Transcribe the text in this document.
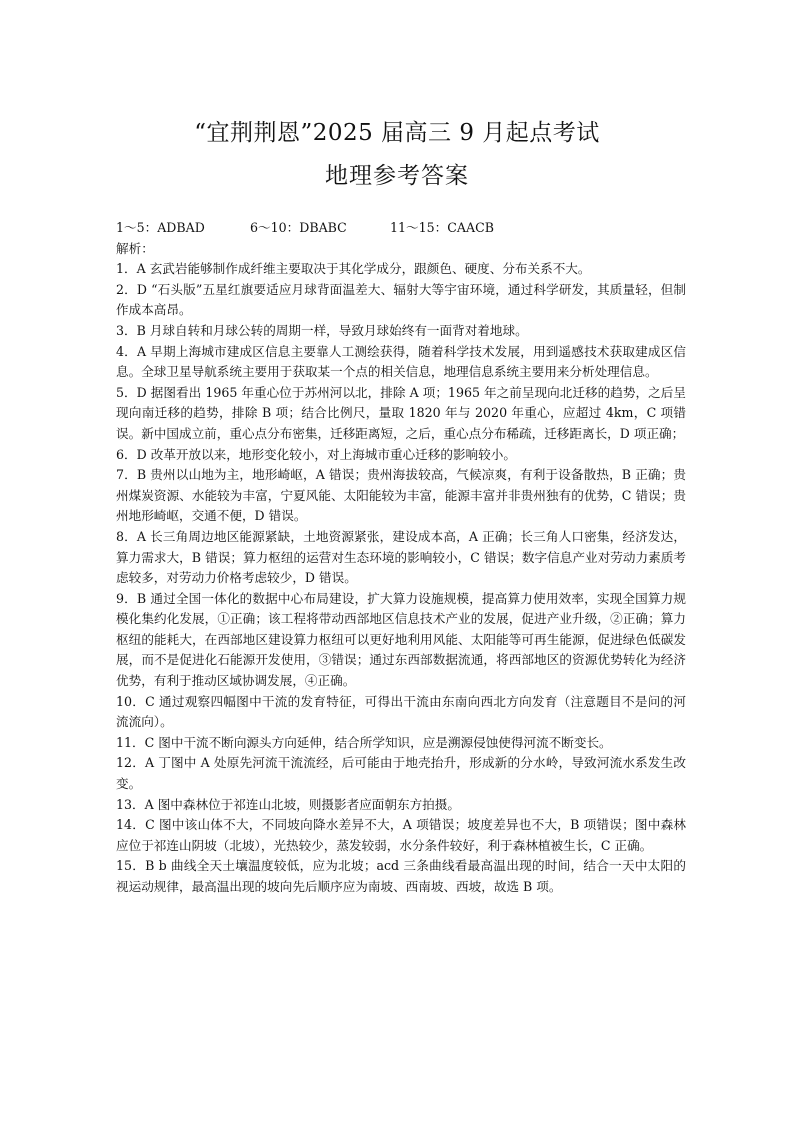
“宜荆荆恩”2025 届高三 9 月起点考试
地理参考答案
1～5：ADBAD	6～10：DBABC	11～15：CAACB
解析：
1．A 玄武岩能够制作成纤维主要取决于其化学成分，跟颜色、硬度、分布关系不大。
2．D “石头版”五星红旗要适应月球背面温差大、辐射大等宇宙环境，通过科学研发，其质量轻，但制作成本高昂。
3．B 月球自转和月球公转的周期一样，导致月球始终有一面背对着地球。
4．A 早期上海城市建成区信息主要靠人工测绘获得，随着科学技术发展，用到遥感技术获取建成区信息。全球卫星导航系统主要用于获取某一个点的相关信息，地理信息系统主要用来分析处理信息。
5．D 据图看出 1965 年重心位于苏州河以北，排除 A 项；1965 年之前呈现向北迁移的趋势，之后呈现向南迁移的趋势，排除 B 项；结合比例尺，量取 1820 年与 2020 年重心，应超过 4km，C 项错误。新中国成立前，重心点分布密集，迁移距离短，之后，重心点分布稀疏，迁移距离长，D 项正确；
6．D 改革开放以来，地形变化较小，对上海城市重心迁移的影响较小。
7．B 贵州以山地为主，地形崎岖，A 错误；贵州海拔较高，气候凉爽，有利于设备散热，B 正确；贵州煤炭资源、水能较为丰富，宁夏风能、太阳能较为丰富，能源丰富并非贵州独有的优势，C 错误；贵州地形崎岖，交通不便，D 错误。
8．A 长三角周边地区能源紧缺，土地资源紧张，建设成本高，A 正确；长三角人口密集，经济发达，算力需求大，B 错误；算力枢纽的运营对生态环境的影响较小，C 错误；数字信息产业对劳动力素质考虑较多，对劳动力价格考虑较少，D 错误。
9．B 通过全国一体化的数据中心布局建设，扩大算力设施规模，提高算力使用效率，实现全国算力规模化集约化发展，①正确；该工程将带动西部地区信息技术产业的发展，促进产业升级，②正确；算力枢纽的能耗大，在西部地区建设算力枢纽可以更好地利用风能、太阳能等可再生能源，促进绿色低碳发展，而不是促进化石能源开发使用，③错误；通过东西部数据流通，将西部地区的资源优势转化为经济优势，有利于推动区域协调发展，④正确。
10．C 通过观察四幅图中干流的发育特征，可得出干流由东南向西北方向发育（注意题目不是问的河流流向）。
11．C 图中干流不断向源头方向延伸，结合所学知识，应是溯源侵蚀使得河流不断变长。
12．A 丁图中 A 处原先河流干流流经，后可能由于地壳抬升，形成新的分水岭，导致河流水系发生改变。
13．A 图中森林位于祁连山北坡，则摄影者应面朝东方拍摄。
14．C 图中该山体不大，不同坡向降水差异不大，A 项错误；坡度差异也不大，B 项错误；图中森林应位于祁连山阴坡（北坡），光热较少，蒸发较弱，水分条件较好，利于森林植被生长，C 正确。
15．B b 曲线全天土壤温度较低，应为北坡；acd 三条曲线看最高温出现的时间，结合一天中太阳的视运动规律，最高温出现的坡向先后顺序应为南坡、西南坡、西坡，故选 B 项。
